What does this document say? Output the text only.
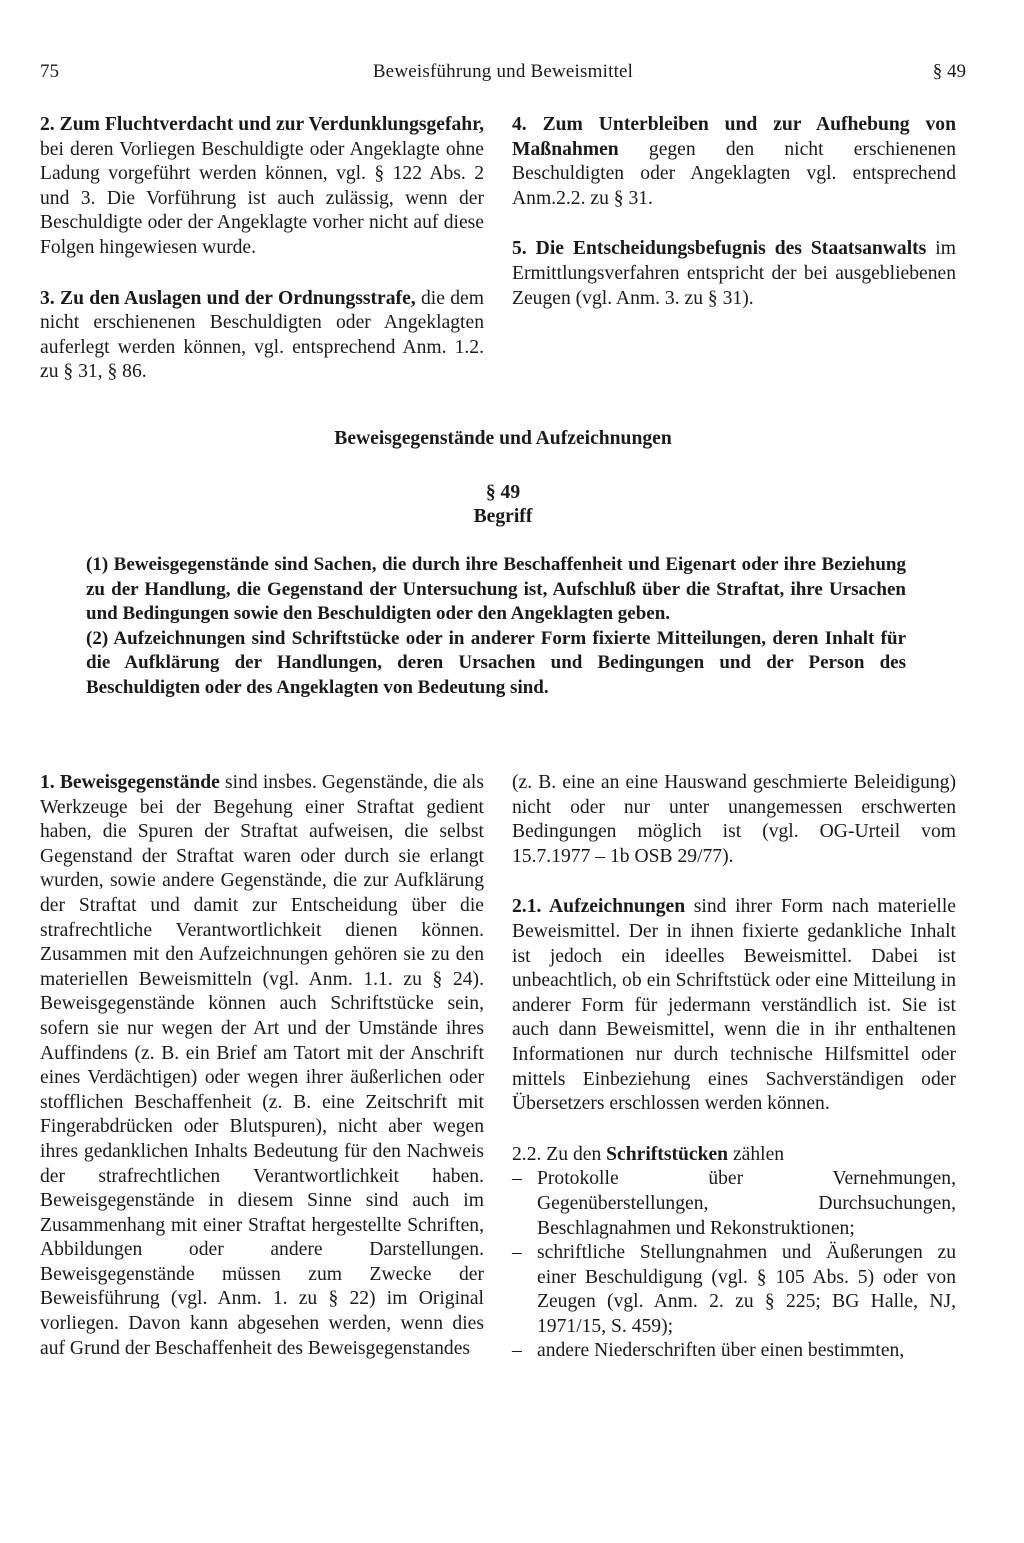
75	Beweisführung und Beweismittel	§ 49

2. Zum Fluchtverdacht und zur Verdunklungsgefahr, bei deren Vorliegen Beschuldigte oder Angeklagte ohne Ladung vorgeführt werden können, vgl. § 122 Abs. 2 und 3. Die Vorführung ist auch zulässig, wenn der Beschuldigte oder der Angeklagte vorher nicht auf diese Folgen hingewiesen wurde.

3. Zu den Auslagen und der Ordnungsstrafe, die dem nicht erschienenen Beschuldigten oder Angeklagten auferlegt werden können, vgl. entsprechend Anm. 1.2. zu § 31, § 86.

4. Zum Unterbleiben und zur Aufhebung von Maßnahmen gegen den nicht erschienenen Beschuldigten oder Angeklagten vgl. entsprechend Anm.2.2. zu § 31.

5. Die Entscheidungsbefugnis des Staatsanwalts im Ermittlungsverfahren entspricht der bei ausgebliebenen Zeugen (vgl. Anm. 3. zu § 31).

Beweisgegenstände und Aufzeichnungen
§ 49
Begriff

(1) Beweisgegenstände sind Sachen, die durch ihre Beschaffenheit und Eigenart oder ihre Beziehung zu der Handlung, die Gegenstand der Untersuchung ist, Aufschluß über die Straftat, ihre Ursachen und Bedingungen sowie den Beschuldigten oder den Angeklagten geben.

(2) Aufzeichnungen sind Schriftstücke oder in anderer Form fixierte Mitteilungen, deren Inhalt für die Aufklärung der Handlungen, deren Ursachen und Bedingungen und der Person des Beschuldigten oder des Angeklagten von Bedeutung sind.

1. Beweisgegenstände sind insbes. Gegenstände, die als Werkzeuge bei der Begehung einer Straftat gedient haben, die Spuren der Straftat aufweisen, die selbst Gegenstand der Straftat waren oder durch sie erlangt wurden, sowie andere Gegenstände, die zur Aufklärung der Straftat und damit zur Entscheidung über die strafrechtliche Verantwortlichkeit dienen können. Zusammen mit den Aufzeichnungen gehören sie zu den materiellen Beweismitteln (vgl. Anm. 1.1. zu § 24). Beweisgegenstände können auch Schriftstücke sein, sofern sie nur wegen der Art und der Umstände ihres Auffindens (z. B. ein Brief am Tatort mit der Anschrift eines Verdächtigen) oder wegen ihrer äußerlichen oder stofflichen Beschaffenheit (z. B. eine Zeitschrift mit Fingerabdrücken oder Blutspuren), nicht aber wegen ihres gedanklichen Inhalts Bedeutung für den Nachweis der strafrechtlichen Verantwortlichkeit haben. Beweisgegenstände in diesem Sinne sind auch im Zusammenhang mit einer Straftat hergestellte Schriften, Abbildungen oder andere Darstellungen. Beweisgegenstände müssen zum Zwecke der Beweisführung (vgl. Anm. 1. zu § 22) im Original vorliegen. Davon kann abgesehen werden, wenn dies auf Grund der Beschaffenheit des Beweisgegenstandes

(z. B. eine an eine Hauswand geschmierte Beleidigung) nicht oder nur unter unangemessen erschwerten Bedingungen möglich ist (vgl. OG-Urteil vom 15.7.1977 – 1b OSB 29/77).

2.1. Aufzeichnungen sind ihrer Form nach materielle Beweismittel. Der in ihnen fixierte gedankliche Inhalt ist jedoch ein ideelles Beweismittel. Dabei ist unbeachtlich, ob ein Schriftstück oder eine Mitteilung in anderer Form für jedermann verständlich ist. Sie ist auch dann Beweismittel, wenn die in ihr enthaltenen Informationen nur durch technische Hilfsmittel oder mittels Einbeziehung eines Sachverständigen oder Übersetzers erschlossen werden können.

2.2. Zu den Schriftstücken zählen

– Protokolle über Vernehmungen, Gegenüberstellungen, Durchsuchungen, Beschlagnahmen und Rekonstruktionen;
– schriftliche Stellungnahmen und Äußerungen zu einer Beschuldigung (vgl. § 105 Abs. 5) oder von Zeugen (vgl. Anm. 2. zu § 225; BG Halle, NJ, 1971/15, S. 459);
– andere Niederschriften über einen bestimmten,
